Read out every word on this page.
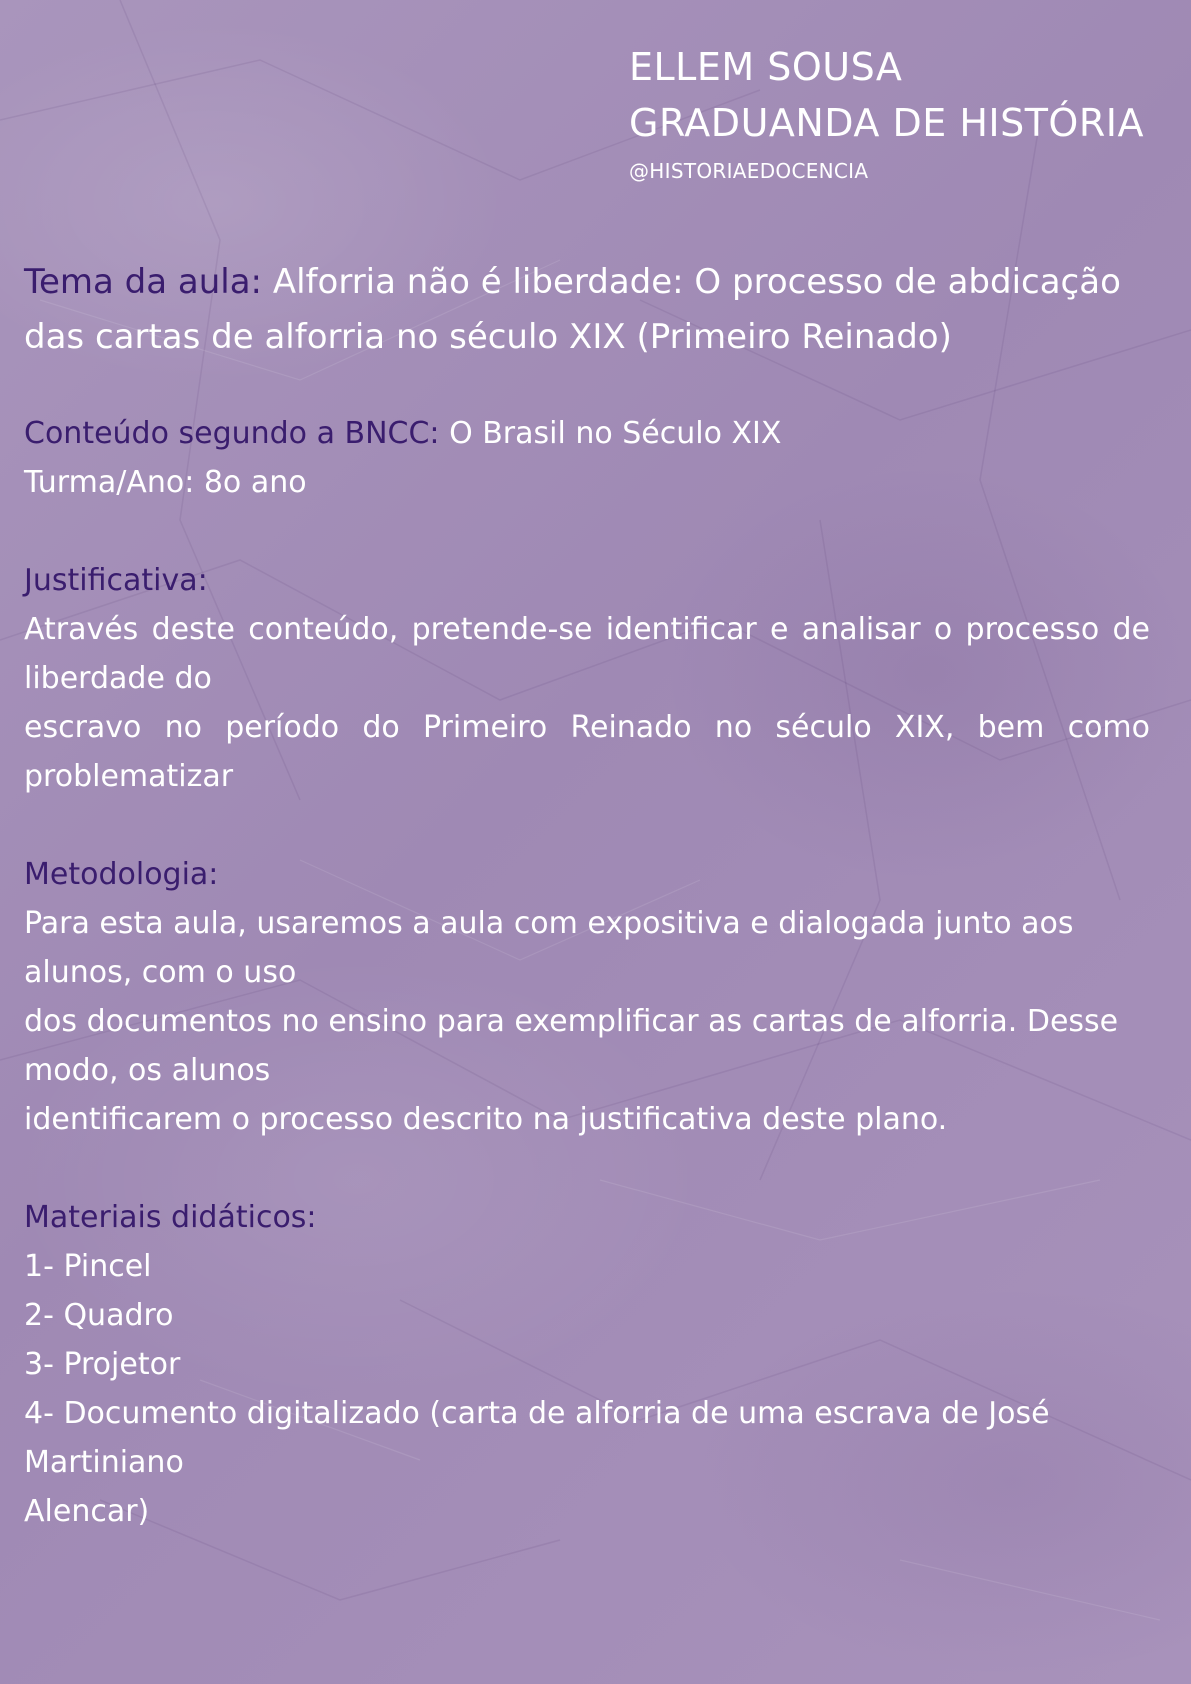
ELLEM SOUSA

GRADUANDA DE HISTÓRIA

@HISTORIAEDOCENCIA

Tema da aula: Alforria não é liberdade: O processo de abdicação das cartas de alforria no século XIX (Primeiro Reinado)

Conteúdo segundo a BNCC: O Brasil no Século XIX

Turma/Ano: 8o ano

Justificativa:

Através deste conteúdo, pretende-se identificar e analisar o processo de liberdade do

escravo no período do Primeiro Reinado no século XIX, bem como

problematizar

Metodologia:

Para esta aula, usaremos a aula com expositiva e dialogada junto aos alunos, com o uso

dos documentos no ensino para exemplificar as cartas de alforria. Desse modo, os alunos

identificarem o processo descrito na justificativa deste plano.

Materiais didáticos:

1- Pincel

2- Quadro

3- Projetor

4- Documento digitalizado (carta de alforria de uma escrava de José Martiniano

Alencar)
